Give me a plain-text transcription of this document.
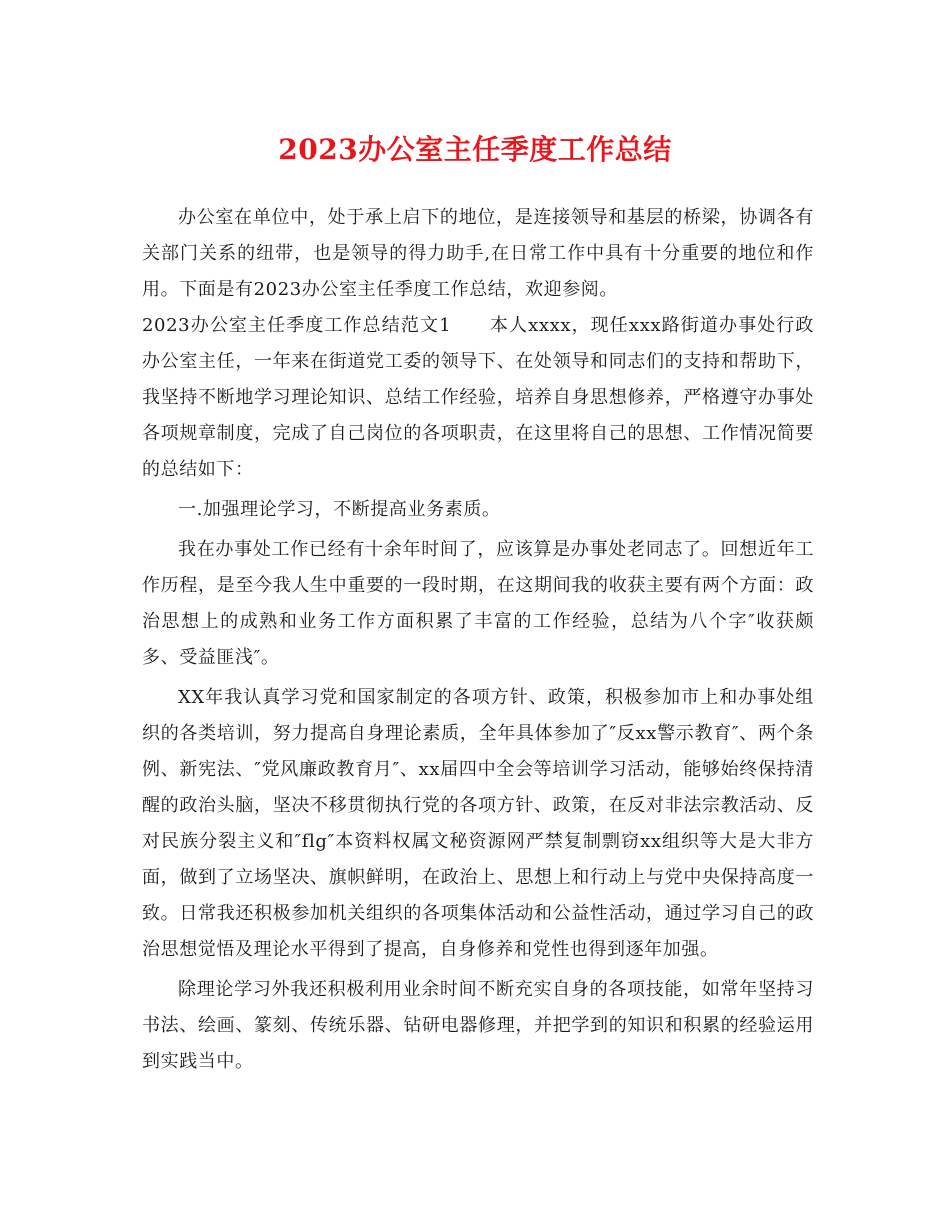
2023办公室主任季度工作总结

办公室在单位中，处于承上启下的地位，是连接领导和基层的桥梁，协调各有关部门关系的纽带，也是领导的得力助手,在日常工作中具有十分重要的地位和作用。下面是有2023办公室主任季度工作总结，欢迎参阅。

2023办公室主任季度工作总结范文1　　本人xxxx，现任xxx路街道办事处行政办公室主任，一年来在街道党工委的领导下、在处领导和同志们的支持和帮助下，我坚持不断地学习理论知识、总结工作经验，培养自身思想修养，严格遵守办事处各项规章制度，完成了自己岗位的各项职责，在这里将自己的思想、工作情况简要的总结如下：

一.加强理论学习，不断提高业务素质。

我在办事处工作已经有十余年时间了，应该算是办事处老同志了。回想近年工作历程，是至今我人生中重要的一段时期，在这期间我的收获主要有两个方面：政治思想上的成熟和业务工作方面积累了丰富的工作经验，总结为八个字″收获颇多、受益匪浅″。

XX年我认真学习党和国家制定的各项方针、政策，积极参加市上和办事处组织的各类培训，努力提高自身理论素质，全年具体参加了″反xx警示教育″、两个条例、新宪法、″党风廉政教育月″、xx届四中全会等培训学习活动，能够始终保持清醒的政治头脑，坚决不移贯彻执行党的各项方针、政策，在反对非法宗教活动、反对民族分裂主义和″flg″本资料权属文秘资源网严禁复制剽窃xx组织等大是大非方面，做到了立场坚决、旗帜鲜明，在政治上、思想上和行动上与党中央保持高度一致。日常我还积极参加机关组织的各项集体活动和公益性活动，通过学习自己的政治思想觉悟及理论水平得到了提高，自身修养和党性也得到逐年加强。

除理论学习外我还积极利用业余时间不断充实自身的各项技能，如常年坚持习书法、绘画、篆刻、传统乐器、钻研电器修理，并把学到的知识和积累的经验运用到实践当中。
